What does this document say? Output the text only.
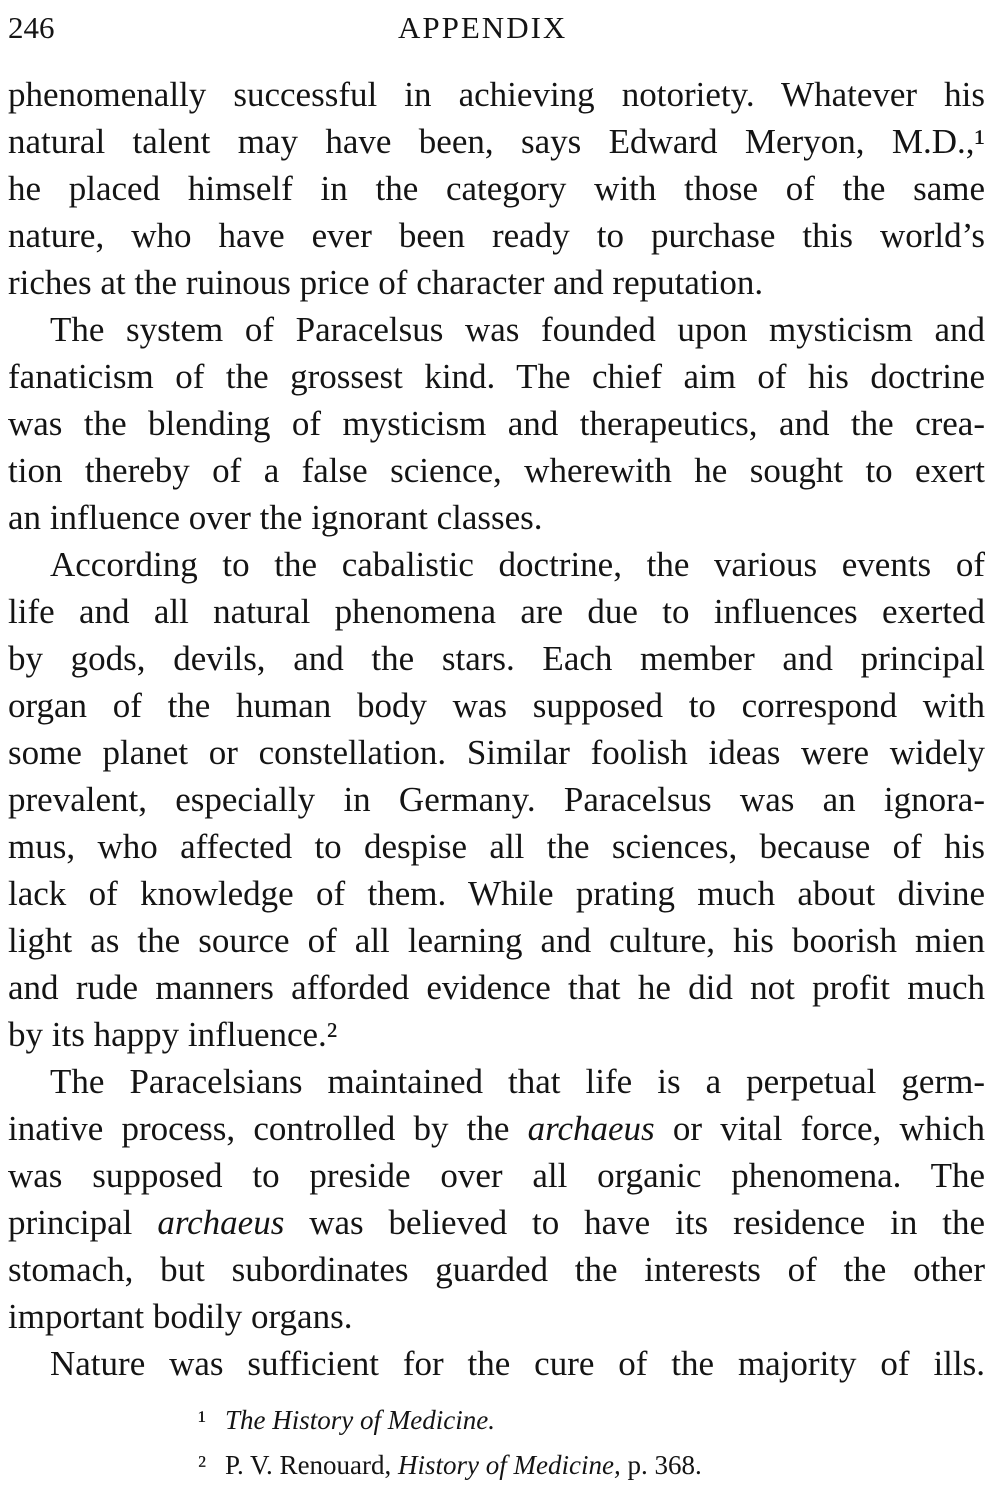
246	APPENDIX
phenomenally successful in achieving notoriety. Whatever his
natural talent may have been, says Edward Meryon, M.D.,¹
he placed himself in the category with those of the same
nature, who have ever been ready to purchase this world’s
riches at the ruinous price of character and reputation.
The system of Paracelsus was founded upon mysticism and
fanaticism of the grossest kind. The chief aim of his doctrine
was the blending of mysticism and therapeutics, and the crea-
tion thereby of a false science, wherewith he sought to exert
an influence over the ignorant classes.
According to the cabalistic doctrine, the various events of
life and all natural phenomena are due to influences exerted
by gods, devils, and the stars. Each member and principal
organ of the human body was supposed to correspond with
some planet or constellation. Similar foolish ideas were widely
prevalent, especially in Germany. Paracelsus was an ignora-
mus, who affected to despise all the sciences, because of his
lack of knowledge of them. While prating much about divine
light as the source of all learning and culture, his boorish mien
and rude manners afforded evidence that he did not profit much
by its happy influence.²
The Paracelsians maintained that life is a perpetual germ-
inative process, controlled by the archaeus or vital force, which
was supposed to preside over all organic phenomena. The
principal archaeus was believed to have its residence in the
stomach, but subordinates guarded the interests of the other
important bodily organs.
Nature was sufficient for the cure of the majority of ills.
¹ The History of Medicine.
² P. V. Renouard, History of Medicine, p. 368.
